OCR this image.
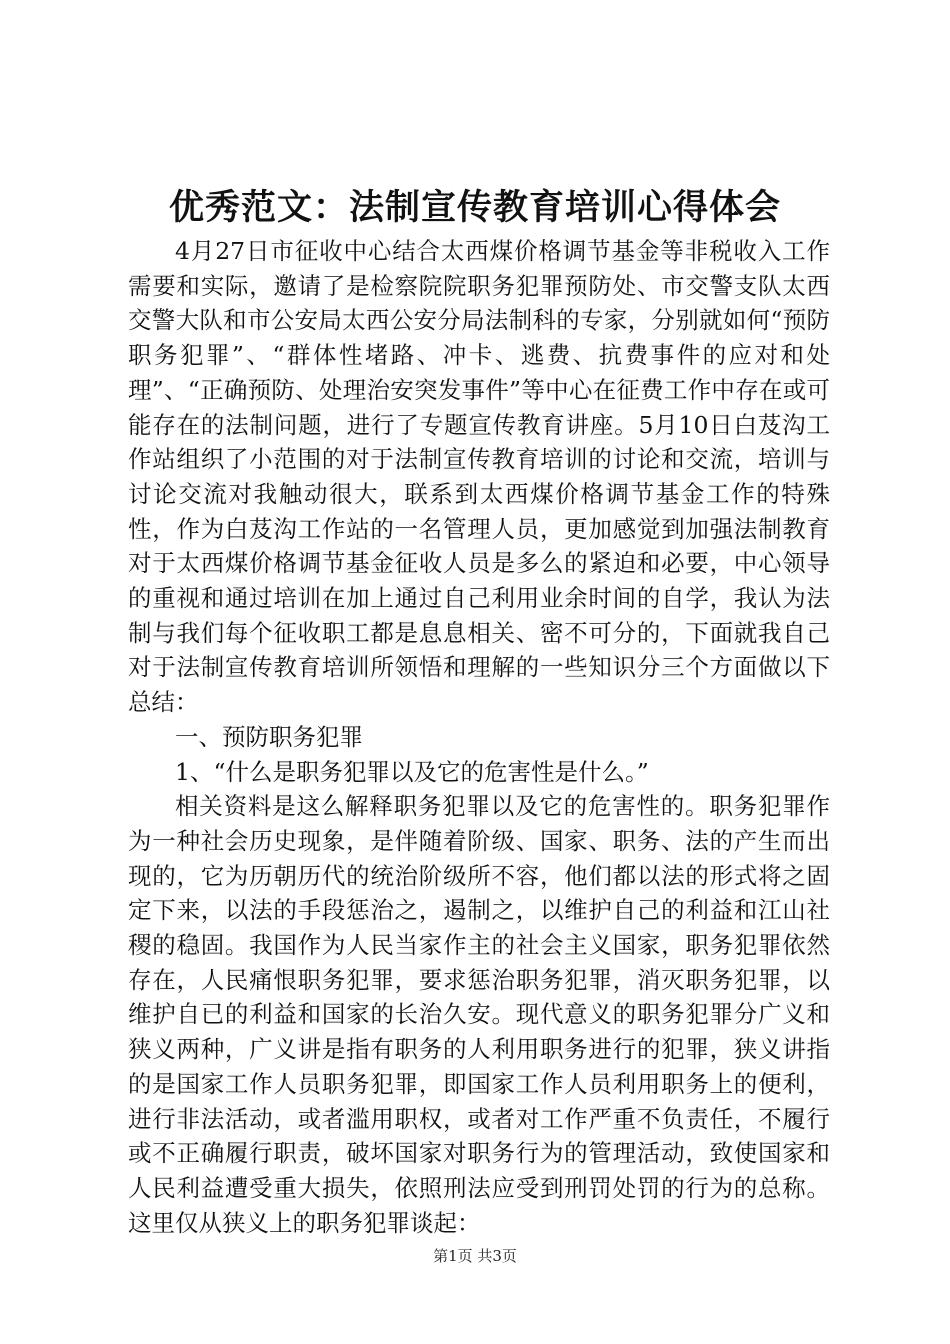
优秀范文：法制宣传教育培训心得体会

4月27日市征收中心结合太西煤价格调节基金等非税收入工作需要和实际，邀请了是检察院院职务犯罪预防处、市交警支队太西交警大队和市公安局太西公安分局法制科的专家，分别就如何“预防职务犯罪”、“群体性堵路、冲卡、逃费、抗费事件的应对和处理”、“正确预防、处理治安突发事件”等中心在征费工作中存在或可能存在的法制问题，进行了专题宣传教育讲座。5月10日白芨沟工作站组织了小范围的对于法制宣传教育培训的讨论和交流，培训与讨论交流对我触动很大，联系到太西煤价格调节基金工作的特殊性，作为白芨沟工作站的一名管理人员，更加感觉到加强法制教育对于太西煤价格调节基金征收人员是多么的紧迫和必要，中心领导的重视和通过培训在加上通过自己利用业余时间的自学，我认为法制与我们每个征收职工都是息息相关、密不可分的，下面就我自己对于法制宣传教育培训所领悟和理解的一些知识分三个方面做以下总结：

一、预防职务犯罪

1、“什么是职务犯罪以及它的危害性是什么。”

相关资料是这么解释职务犯罪以及它的危害性的。职务犯罪作为一种社会历史现象，是伴随着阶级、国家、职务、法的产生而出现的，它为历朝历代的统治阶级所不容，他们都以法的形式将之固定下来，以法的手段惩治之，遏制之，以维护自己的利益和江山社稷的稳固。我国作为人民当家作主的社会主义国家，职务犯罪依然存在，人民痛恨职务犯罪，要求惩治职务犯罪，消灭职务犯罪，以维护自已的利益和国家的长治久安。现代意义的职务犯罪分广义和狭义两种，广义讲是指有职务的人利用职务进行的犯罪，狭义讲指的是国家工作人员职务犯罪，即国家工作人员利用职务上的便利，进行非法活动，或者滥用职权，或者对工作严重不负责任，不履行或不正确履行职责，破坏国家对职务行为的管理活动，致使国家和人民利益遭受重大损失，依照刑法应受到刑罚处罚的行为的总称。这里仅从狭义上的职务犯罪谈起：

第1页 共3页
